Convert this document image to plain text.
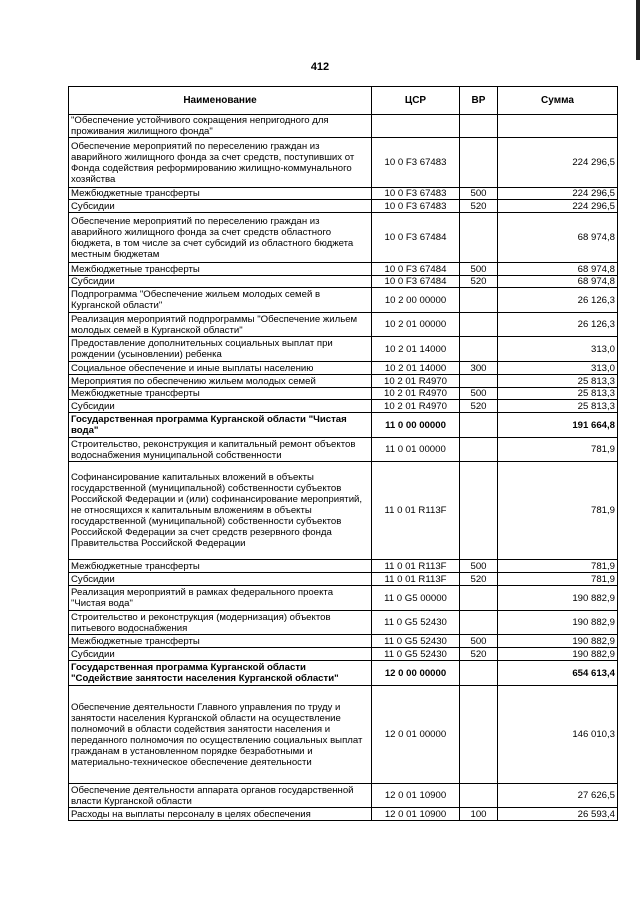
412
Наименование	ЦСР	ВР	Сумма
"Обеспечение устойчивого сокращения непригодного для проживания жилищного фонда"			
Обеспечение мероприятий по переселению граждан из аварийного жилищного фонда за счет средств, поступивших от Фонда содействия реформированию жилищно-коммунального хозяйства	10 0 F3 67483		224 296,5
Межбюджетные трансферты	10 0 F3 67483	500	224 296,5
Субсидии	10 0 F3 67483	520	224 296,5
Обеспечение мероприятий по переселению граждан из аварийного жилищного фонда за счет средств областного бюджета, в том числе за счет субсидий из областного бюджета местным бюджетам	10 0 F3 67484		68 974,8
Межбюджетные трансферты	10 0 F3 67484	500	68 974,8
Субсидии	10 0 F3 67484	520	68 974,8
Подпрограмма "Обеспечение жильем молодых семей в Курганской области"	10 2 00 00000		26 126,3
Реализация мероприятий подпрограммы "Обеспечение жильем молодых семей в Курганской области"	10 2 01 00000		26 126,3
Предоставление дополнительных социальных выплат при рождении (усыновлении) ребенка	10 2 01 14000		313,0
Социальное обеспечение и иные выплаты населению	10 2 01 14000	300	313,0
Мероприятия по обеспечению жильем молодых семей	10 2 01 R4970		25 813,3
Межбюджетные трансферты	10 2 01 R4970	500	25 813,3
Субсидии	10 2 01 R4970	520	25 813,3
Государственная программа Курганской области "Чистая вода"	11 0 00 00000		191 664,8
Строительство, реконструкция и капитальный ремонт объектов водоснабжения муниципальной собственности	11 0 01 00000		781,9
Софинансирование капитальных вложений в объекты государственной (муниципальной) собственности субъектов Российской Федерации и (или) софинансирование мероприятий, не относящихся к капитальным вложениям в объекты государственной (муниципальной) собственности субъектов Российской Федерации за счет средств резервного фонда Правительства Российской Федерации	11 0 01 R113F		781,9
Межбюджетные трансферты	11 0 01 R113F	500	781,9
Субсидии	11 0 01 R113F	520	781,9
Реализация мероприятий в рамках федерального проекта "Чистая вода"	11 0 G5 00000		190 882,9
Строительство и реконструкция (модернизация) объектов питьевого водоснабжения	11 0 G5 52430		190 882,9
Межбюджетные трансферты	11 0 G5 52430	500	190 882,9
Субсидии	11 0 G5 52430	520	190 882,9
Государственная программа Курганской области "Содействие занятости населения Курганской области"	12 0 00 00000		654 613,4
Обеспечение деятельности Главного управления по труду и занятости населения Курганской области на осуществление полномочий в области содействия занятости населения и переданного полномочия по осуществлению социальных выплат гражданам в установленном порядке безработными и материально-техническое обеспечение деятельности	12 0 01 00000		146 010,3
Обеспечение деятельности аппарата органов государственной власти Курганской области	12 0 01 10900		27 626,5
Расходы на выплаты персоналу в целях обеспечения	12 0 01 10900	100	26 593,4
